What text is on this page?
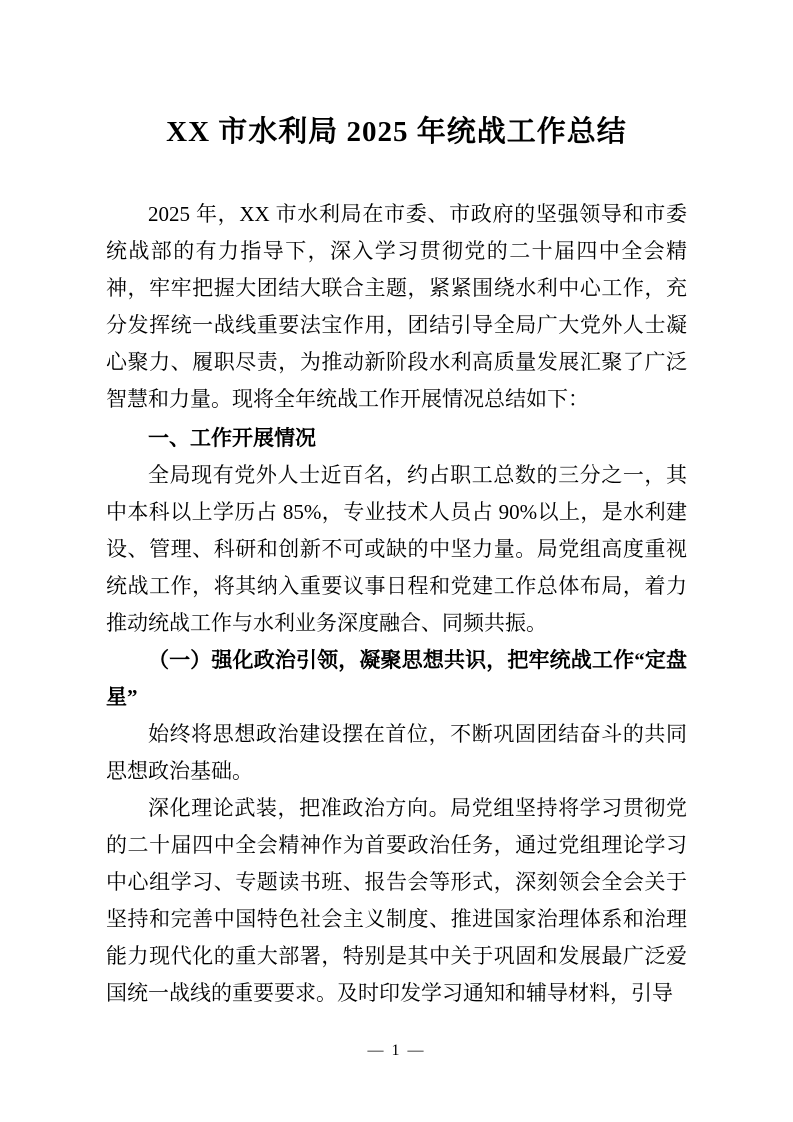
XX 市水利局 2025 年统战工作总结

2025 年，XX 市水利局在市委、市政府的坚强领导和市委统战部的有力指导下，深入学习贯彻党的二十届四中全会精神，牢牢把握大团结大联合主题，紧紧围绕水利中心工作，充分发挥统一战线重要法宝作用，团结引导全局广大党外人士凝心聚力、履职尽责，为推动新阶段水利高质量发展汇聚了广泛智慧和力量。现将全年统战工作开展情况总结如下：

一、工作开展情况

全局现有党外人士近百名，约占职工总数的三分之一，其中本科以上学历占 85%，专业技术人员占 90%以上，是水利建设、管理、科研和创新不可或缺的中坚力量。局党组高度重视统战工作，将其纳入重要议事日程和党建工作总体布局，着力推动统战工作与水利业务深度融合、同频共振。

（一）强化政治引领，凝聚思想共识，把牢统战工作“定盘星”

始终将思想政治建设摆在首位，不断巩固团结奋斗的共同思想政治基础。

深化理论武装，把准政治方向。局党组坚持将学习贯彻党的二十届四中全会精神作为首要政治任务，通过党组理论学习中心组学习、专题读书班、报告会等形式，深刻领会全会关于坚持和完善中国特色社会主义制度、推进国家治理体系和治理能力现代化的重大部署，特别是其中关于巩固和发展最广泛爱国统一战线的重要要求。及时印发学习通知和辅导材料，引导

— 1 —
